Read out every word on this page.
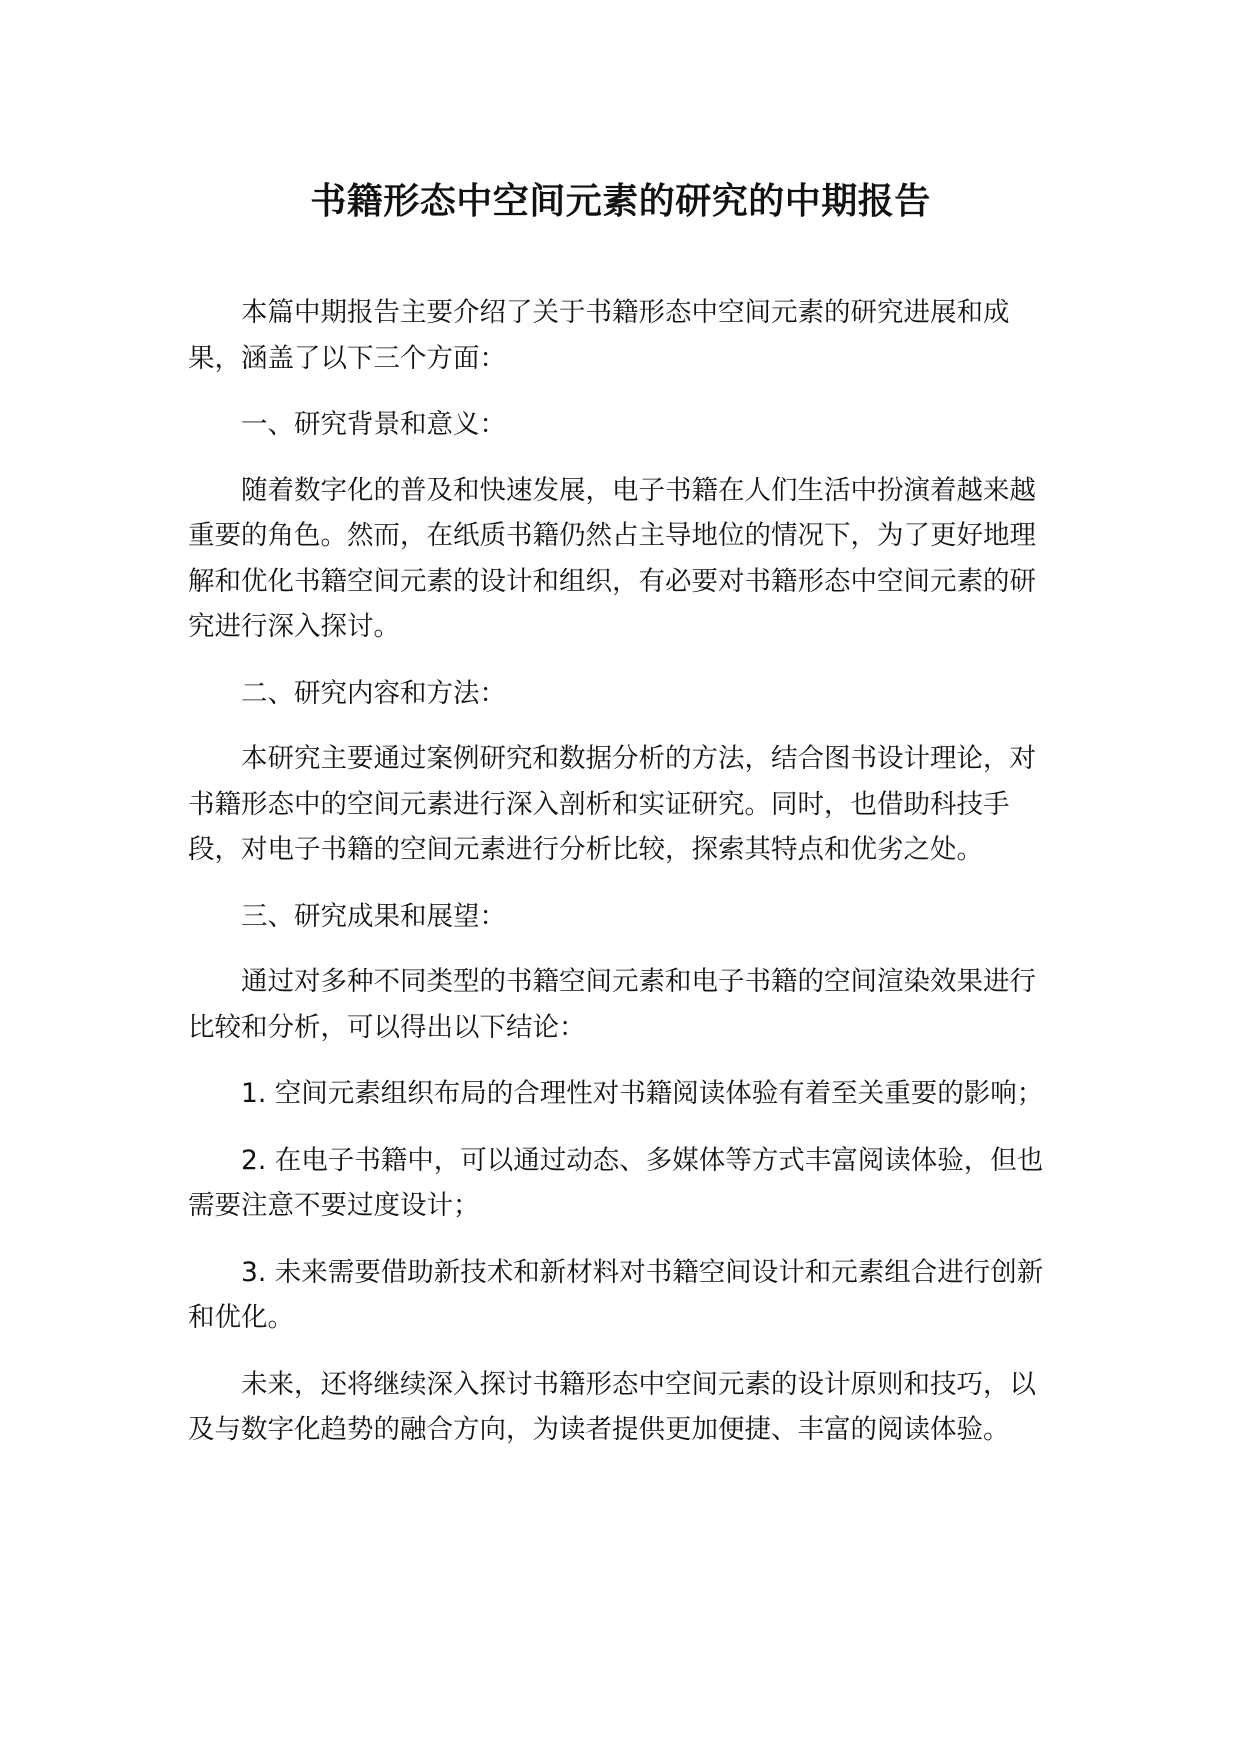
书籍形态中空间元素的研究的中期报告

本篇中期报告主要介绍了关于书籍形态中空间元素的研究进展和成果，涵盖了以下三个方面：

一、研究背景和意义：

随着数字化的普及和快速发展，电子书籍在人们生活中扮演着越来越重要的角色。然而，在纸质书籍仍然占主导地位的情况下，为了更好地理解和优化书籍空间元素的设计和组织，有必要对书籍形态中空间元素的研究进行深入探讨。

二、研究内容和方法：

本研究主要通过案例研究和数据分析的方法，结合图书设计理论，对书籍形态中的空间元素进行深入剖析和实证研究。同时，也借助科技手段，对电子书籍的空间元素进行分析比较，探索其特点和优劣之处。

三、研究成果和展望：

通过对多种不同类型的书籍空间元素和电子书籍的空间渲染效果进行比较和分析，可以得出以下结论：

1. 空间元素组织布局的合理性对书籍阅读体验有着至关重要的影响；

2. 在电子书籍中，可以通过动态、多媒体等方式丰富阅读体验，但也需要注意不要过度设计；

3. 未来需要借助新技术和新材料对书籍空间设计和元素组合进行创新和优化。

未来，还将继续深入探讨书籍形态中空间元素的设计原则和技巧，以及与数字化趋势的融合方向，为读者提供更加便捷、丰富的阅读体验。
